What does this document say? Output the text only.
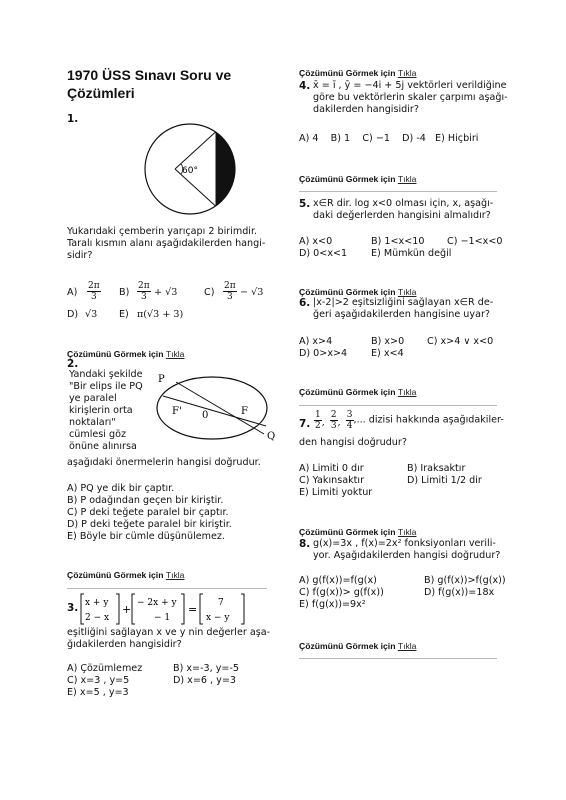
1970 ÜSS Sınavı Soru ve Çözümleri
1.
60°
Yukarıdaki çemberin yarıçapı 2 birimdir.
Taralı kısmın alanı aşağıdakilerden hangi-
sidir?
$A) \frac{2\pi}{3} B) \frac{2\pi}{3} + √3$	$C) \frac{2\pi}{3} - √3$
D) √3 E) π(√3 + 3)
Çözümünü Görmek için Tıkla
2.
Yandaki şekilde
"Bir elips ile PQ
ye paralel
kirişlerin orta
noktaları"
cümlesi göz
önüne alınırsa
P
F' 0	F
Q
aşağıdaki önermelerin hangisi doğrudur.
A) PQ ye dik bir çaptır.
B) P odağından geçen bir kiriştir.
C) P deki teğete paralel bir çaptır.
D) P deki teğete paralel bir kiriştir.
E) Böyle bir cümle düşünülemez.
Çözümünü Görmek için Tıkla
3.	+	=
x + y
2 − x
− 2x + y
− 1
7
x − y
eşitliğini sağlayan x ve y nin değerler aşa-
ğıdakilerden hangisidir?
A) Çözümlemez	B) x=-3, y=-5
C) x=3 , y=5	D) x=6 , y=3
E) x=5 , y=3
Çözümünü Görmek için Tıkla
4. x̄ = ī , ȳ = −4i + 5j vektörleri verildiğine
göre bu vektörlerin skaler çarpımı aşağı-
dakilerden hangisidir?
A) 4    B) 1    C) −1    D) -4   E) Hiçbiri
Çözümünü Görmek için Tıkla
5. x∈R dir. log x<0 olması için, x, aşağı-
daki değerlerden hangisini almalıdır?
A) x<0	B) 1<x<10 C) −1<x<0
D) 0<x<1 E) Mümkün değil
Çözümünü Görmek için Tıkla
6. |x-2|>2 eşitsizliğini sağlayan x∈R de-
ğeri aşağıdakilerden hangisine uyar?
A) x>4	B) x>0 C) x>4 ∨ x<0
D) 0>x>4 E) x<4
Çözümünü Görmek için Tıkla
7. $\frac{1}{2}$ , $\frac{2}{3}$ , $\frac{3}{4}$ ,... dizisi hakkında aşağıdakiler-
den hangisi doğrudur?
A) Limiti 0 dır	B) Iraksaktır
C) Yakınsaktır	D) Limiti 1/2 dir
E) Limiti yoktur
Çözümünü Görmek için Tıkla
8. g(x)=3x , f(x)=2x² fonksiyonları verili-
yor. Aşağıdakilerden hangisi doğrudur?
A) g(f(x))=f(g(x)	B) g(f(x))>f(g(x))
C) f(g(x))> g(f(x))	D) f(g(x))=18x
E) f(g(x))=9x²
Çözümünü Görmek için Tıkla
